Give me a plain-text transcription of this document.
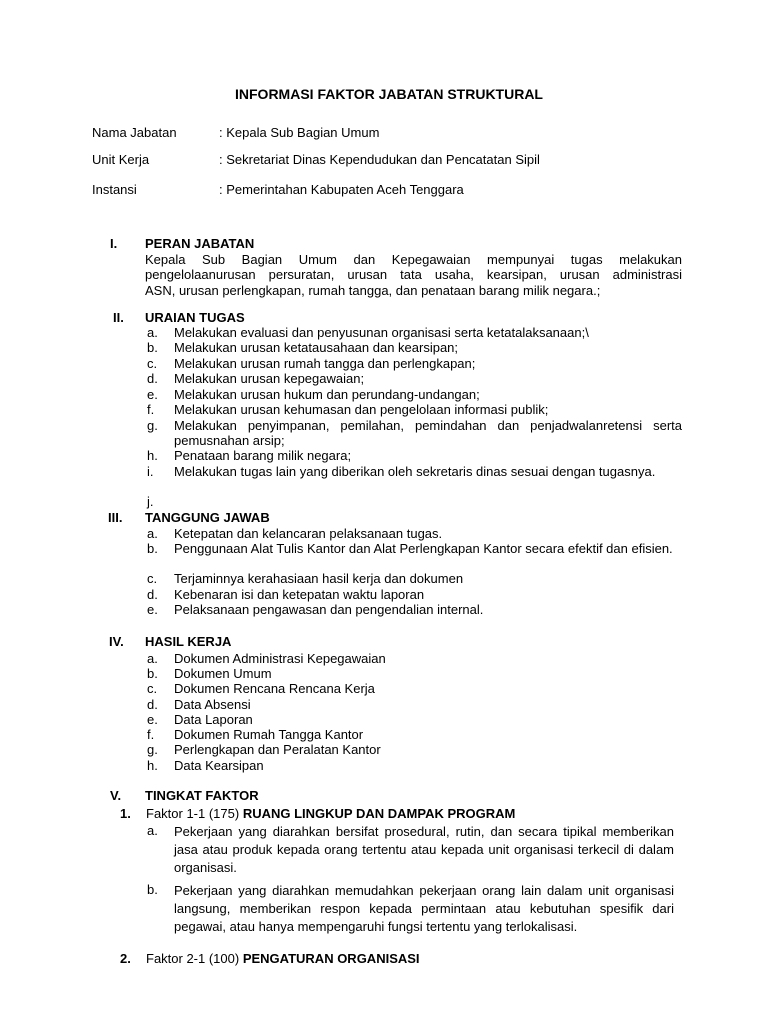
INFORMASI FAKTOR JABATAN STRUKTURAL
Nama Jabatan	: Kepala Sub Bagian Umum
Unit Kerja	: Sekretariat Dinas Kependudukan dan Pencatatan Sipil
Instansi	: Pemerintahan Kabupaten Aceh Tenggara
I. PERAN JABATAN
Kepala Sub Bagian Umum dan Kepegawaian mempunyai tugas melakukan
pengelolaanurusan persuratan, urusan tata usaha, kearsipan, urusan administrasi
ASN, urusan perlengkapan, rumah tangga, dan penataan barang milik negara.;
II. URAIAN TUGAS
a. Melakukan evaluasi dan penyusunan organisasi serta ketatalaksanaan;\
b. Melakukan urusan ketatausahaan dan kearsipan;
c. Melakukan urusan rumah tangga dan perlengkapan;
d. Melakukan urusan kepegawaian;
e. Melakukan urusan hukum dan perundang-undangan;
f. Melakukan urusan kehumasan dan pengelolaan informasi publik;
g. Melakukan penyimpanan, pemilahan, pemindahan dan penjadwalanretensi serta pemusnahan arsip;
h. Penataan barang milik negara;
i. Melakukan tugas lain yang diberikan oleh sekretaris dinas sesuai dengan tugasnya.
j.
III. TANGGUNG JAWAB
a. Ketepatan dan kelancaran pelaksanaan tugas.
b. Penggunaan Alat Tulis Kantor dan Alat Perlengkapan Kantor secara efektif dan efisien.
c. Terjaminnya kerahasiaan hasil kerja dan dokumen
d. Kebenaran isi dan ketepatan waktu laporan
e. Pelaksanaan pengawasan dan pengendalian internal.
IV. HASIL KERJA
a. Dokumen Administrasi Kepegawaian
b. Dokumen Umum
c. Dokumen Rencana Rencana Kerja
d. Data Absensi
e. Data Laporan
f. Dokumen Rumah Tangga Kantor
g. Perlengkapan dan Peralatan Kantor
h. Data Kearsipan
V. TINGKAT FAKTOR
1. Faktor 1-1 (175) RUANG LINGKUP DAN DAMPAK PROGRAM
a. Pekerjaan yang diarahkan bersifat prosedural, rutin, dan secara tipikal memberikan jasa atau produk kepada orang tertentu atau kepada unit organisasi terkecil di dalam organisasi.
b. Pekerjaan yang diarahkan memudahkan pekerjaan orang lain dalam unit organisasi langsung, memberikan respon kepada permintaan atau kebutuhan spesifik dari pegawai, atau hanya mempengaruhi fungsi tertentu yang terlokalisasi.
2. Faktor 2-1 (100) PENGATURAN ORGANISASI
